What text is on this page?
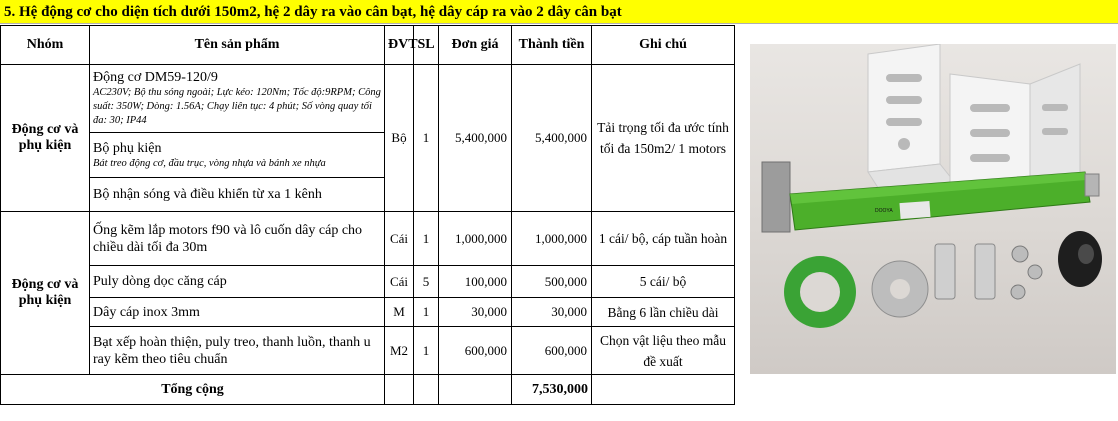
5. Hệ động cơ cho diện tích dưới 150m2, hệ 2 dây ra vào cân bạt, hệ dây cáp ra vào 2 dây cân bạt
Nhóm	Tên sản phẩm	ĐVT	SL	Đơn giá	Thành tiền	Ghi chú
Động cơ và phụ kiện	Động cơ DM59-120/9
AC230V; Bộ thu sóng ngoài; Lực kéo: 120Nm; Tốc độ:9RPM; Công suất: 350W; Dòng: 1.56A; Chạy liên tục: 4 phút; Số vòng quay tối đa: 30; IP44	Bộ	1	5,400,000	5,400,000	Tải trọng tối đa ước tính tối đa 150m2/ 1 motors

	Bộ phụ kiện
Bát treo động cơ, đầu trục, vòng nhựa và bánh xe nhựa					

	Bộ nhận sóng và điều khiển từ xa 1 kênh					
Động cơ và phụ kiện	Ống kẽm lắp motors f90 và lô cuốn dây cáp cho chiều dài tối đa 30m	Cái	1	1,000,000	1,000,000	1 cái/ bộ, cáp tuần hoàn
	Puly dòng dọc căng cáp	Cái	5	100,000	500,000	5 cái/ bộ
	Dây cáp inox 3mm	M	1	30,000	30,000	Bằng 6 lần chiều dài
	Bạt xếp hoàn thiện, puly treo, thanh luồn, thanh u ray kẽm theo tiêu chuẩn	M2	1	600,000	600,000	Chọn vật liệu theo mẫu đề xuất
Tổng cộng					7,530,000	
DOOYA
